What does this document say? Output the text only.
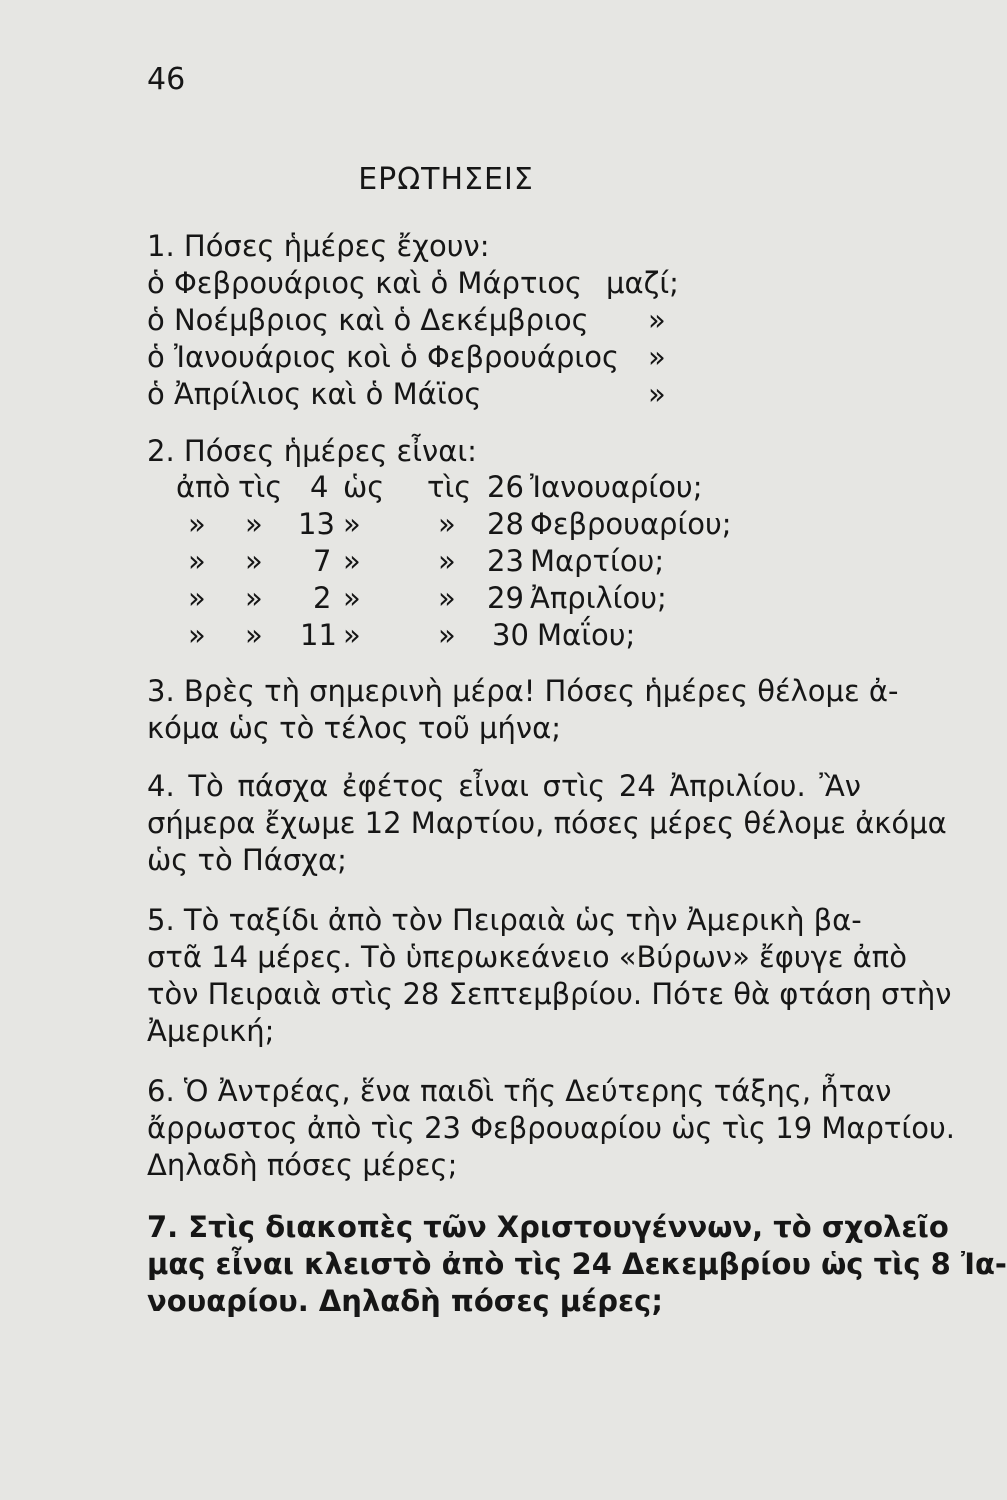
46
ΕΡΩΤΗΣΕΙΣ
1. Πόσες ἡμέρες ἔχουν:
ὁ Φεβρουάριος καὶ ὁ Μάρτιος μαζί;
ὁ Νοέμβριος καὶ ὁ Δεκέμβριος »
ὁ Ἰανουάριος κοὶ ὁ Φεβρουάριος »
ὁ Ἀπρίλιος καὶ ὁ Μάϊος	»
2. Πόσες ἡμέρες εἶναι:
ἀπὸ τὶς 4 ὡς τὶς 26 Ἰανουαρίου;
» » 13 »	» 28 Φεβρουαρίου;
» » 7 »	» 23 Μαρτίου;
» » 2 »	» 29 Ἀπριλίου;
» » 11 »	» 30 Μαΐου;
3. Βρὲς τὴ σημερινὴ μέρα! Πόσες ἡμέρες θέλομε ἀ-
κόμα ὡς τὸ τέλος τοῦ μήνα;
4. Τὸ πάσχα ἐφέτος εἶναι στὶς 24 Ἀπριλίου. Ἂν
σήμερα ἔχωμε 12 Μαρτίου, πόσες μέρες θέλομε ἀκόμα
ὡς τὸ Πάσχα;
5. Τὸ ταξίδι ἀπὸ τὸν Πειραιὰ ὡς τὴν Ἀμερικὴ βα-
στᾶ 14 μέρες. Τὸ ὑπερωκεάνειο «Βύρων» ἔφυγε ἀπὸ
τὸν Πειραιὰ στὶς 28 Σεπτεμβρίου. Πότε θὰ φτάση στὴν
Ἀμερική;
6. Ὁ Ἀντρέας, ἕνα παιδὶ τῆς Δεύτερης τάξης, ἦταν
ἄρρωστος ἀπὸ τὶς 23 Φεβρουαρίου ὡς τὶς 19 Μαρτίου.
Δηλαδὴ πόσες μέρες;
7. Στὶς διακοπὲς τῶν Χριστουγέννων, τὸ σχολεῖο
μας εἶναι κλειστὸ ἀπὸ τὶς 24 Δεκεμβρίου ὡς τὶς 8 Ἰα-
νουαρίου. Δηλαδὴ πόσες μέρες;
